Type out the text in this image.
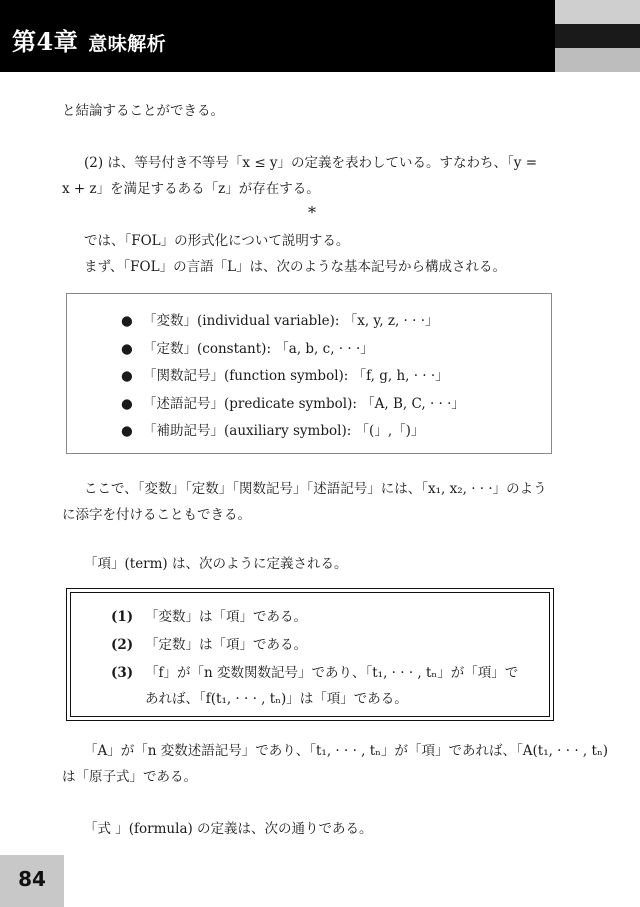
第4章 意味解析
と結論することができる。
(2) は、等号付き不等号「x ≤ y」の定義を表わしている。すなわち、「y =
x + z」を満足するある「z」が存在する。
*
では、「FOL」の形式化について説明する。
まず、「FOL」の言語「L」は、次のような基本記号から構成される。
● 「変数」(individual variable): 「x, y, z, · · ·」
● 「定数」(constant): 「a, b, c, · · ·」
● 「関数記号」(function symbol): 「f, g, h, · · ·」
● 「述語記号」(predicate symbol): 「A, B, C, · · ·」
● 「補助記号」(auxiliary symbol): 「(」,「)」
ここで、「変数」「定数」「関数記号」「述語記号」には、「x₁, x₂, · · ·」のよう
に添字を付けることもできる。
「項」(term) は、次のように定義される。
(1) 「変数」は「項」である。
(2) 「定数」は「項」である。
(3) 「f」が「n 変数関数記号」であり、「t₁, · · · , tₙ」が「項」で
あれば、「f(t₁, · · · , tₙ)」は「項」である。
「A」が「n 変数述語記号」であり、「t₁, · · · , tₙ」が「項」であれば、「A(t₁, · · · , tₙ)
は「原子式」である。
「式 」(formula) の定義は、次の通りである。
84
